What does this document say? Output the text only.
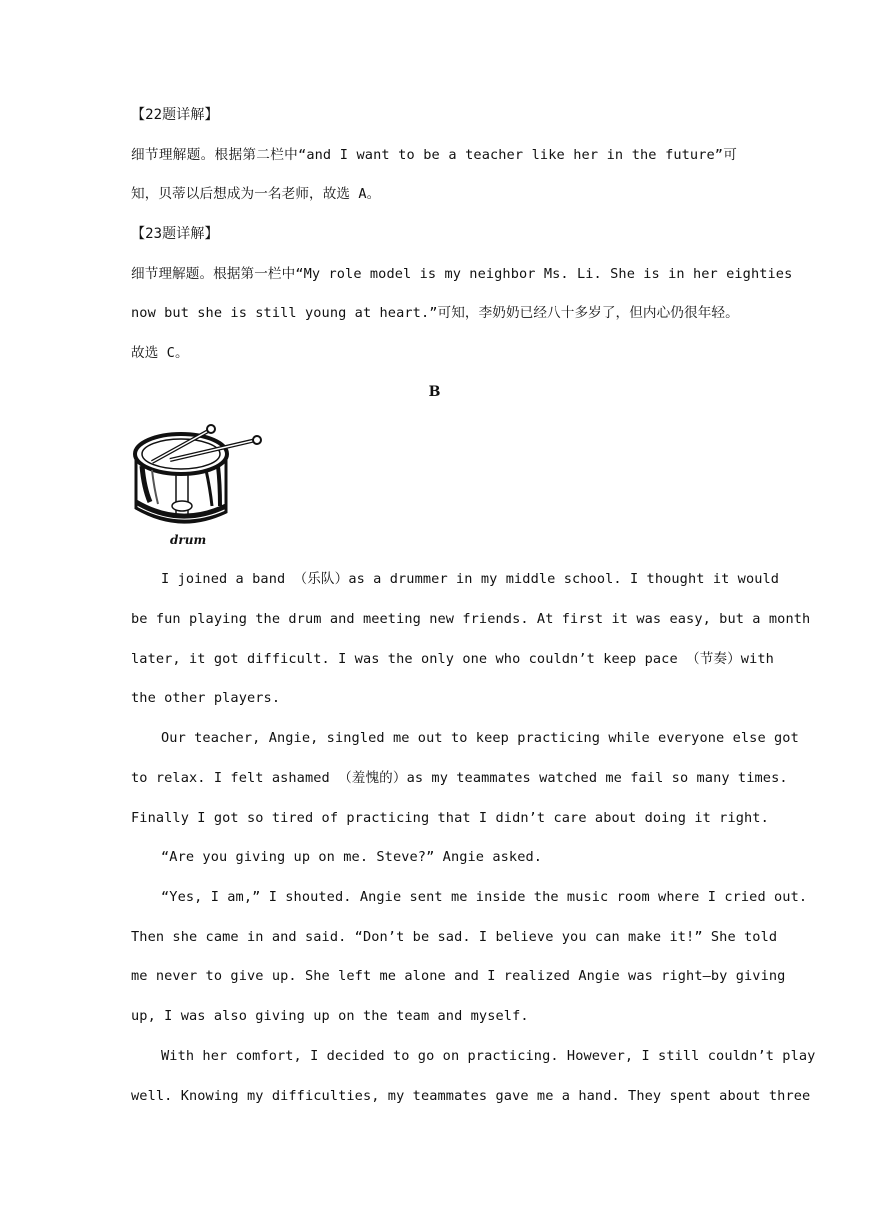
【22题详解】
细节理解题。根据第二栏中“and I want to be a teacher like her in the future”可
知，贝蒂以后想成为一名老师，故选 A。
【23题详解】
细节理解题。根据第一栏中“My role model is my neighbor Ms. Li. She is in her eighties
now but she is still young at heart.”可知，李奶奶已经八十多岁了，但内心仍很年轻。
故选 C。
B
drum
I joined a band （乐队）as a drummer in my middle school. I thought it would
be fun playing the drum and meeting new friends. At first it was easy, but a month
later, it got difficult. I was the only one who couldn’t keep pace （节奏）with
the other players.
Our teacher, Angie, singled me out to keep practicing while everyone else got
to relax. I felt ashamed （羞愧的）as my teammates watched me fail so many times.
Finally I got so tired of practicing that I didn’t care about doing it right.
“Are you giving up on me. Steve?” Angie asked.
“Yes, I am,” I shouted. Angie sent me inside the music room where I cried out.
Then she came in and said. “Don’t be sad. I believe you can make it!” She told
me never to give up. She left me alone and I realized Angie was right—by giving
up, I was also giving up on the team and myself.
With her comfort, I decided to go on practicing. However, I still couldn’t play
well. Knowing my difficulties, my teammates gave me a hand. They spent about three
